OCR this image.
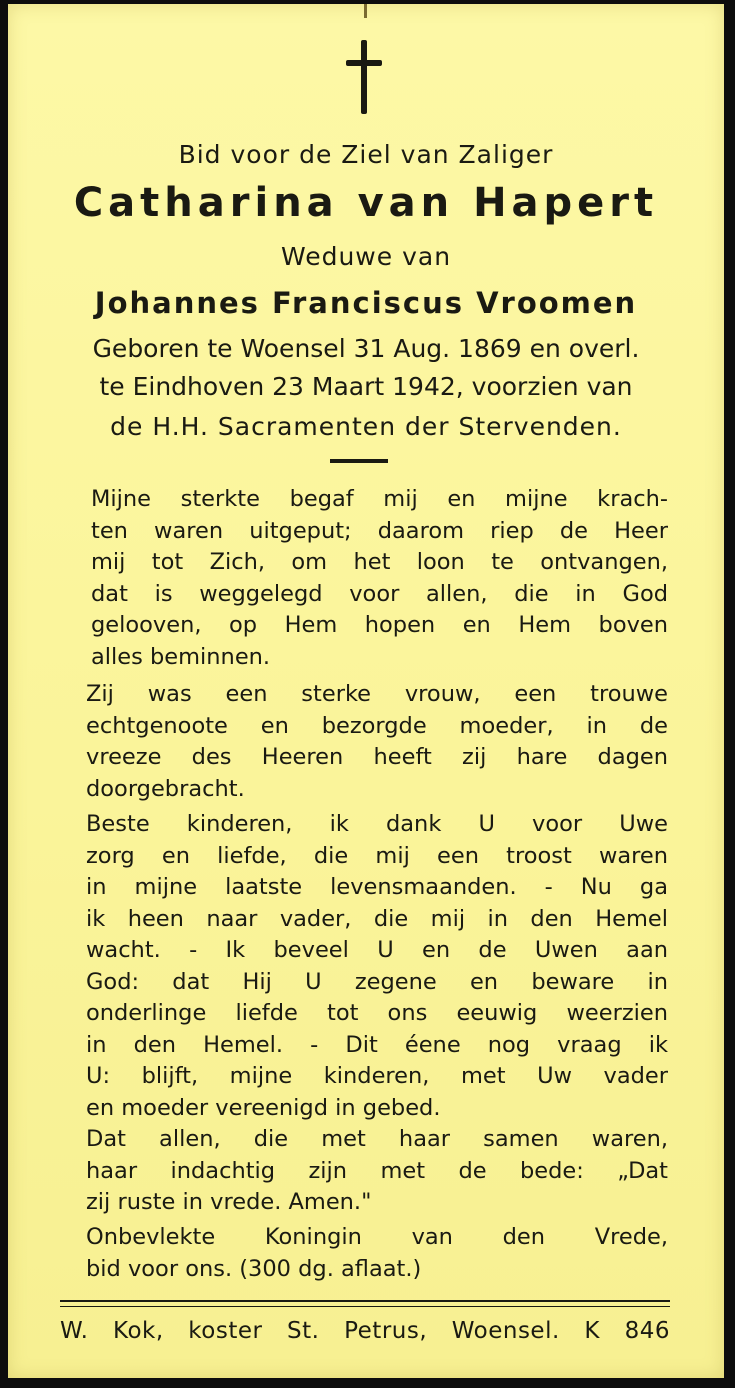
Bid voor de Ziel van Zaliger
Catharina van Hapert
Weduwe van
Johannes Franciscus Vroomen
Geboren te Woensel 31 Aug. 1869 en overl.
te Eindhoven 23 Maart 1942, voorzien van
de H.H. Sacramenten der Stervenden.
Mijne sterkte begaf mij en mijne krach-
ten waren uitgeput; daarom riep de Heer
mij tot Zich, om het loon te ontvangen,
dat is weggelegd voor allen, die in God
gelooven, op Hem hopen en Hem boven
alles beminnen.
Zij was een sterke vrouw, een trouwe
echtgenoote en bezorgde moeder, in de
vreeze des Heeren heeft zij hare dagen
doorgebracht.
Beste kinderen, ik dank U voor Uwe
zorg en liefde, die mij een troost waren
in mijne laatste levensmaanden. - Nu ga
ik heen naar vader, die mij in den Hemel
wacht. - Ik beveel U en de Uwen aan
God: dat Hij U zegene en beware in
onderlinge liefde tot ons eeuwig weerzien
in den Hemel. - Dit éene nog vraag ik
U: blijft, mijne kinderen, met Uw vader
en moeder vereenigd in gebed.
Dat allen, die met haar samen waren,
haar indachtig zijn met de bede: „Dat
zij ruste in vrede. Amen."
Onbevlekte Koningin van den Vrede,
bid voor ons. (300 dg. aflaat.)
W. Kok, koster St. Petrus, Woensel. K 846
